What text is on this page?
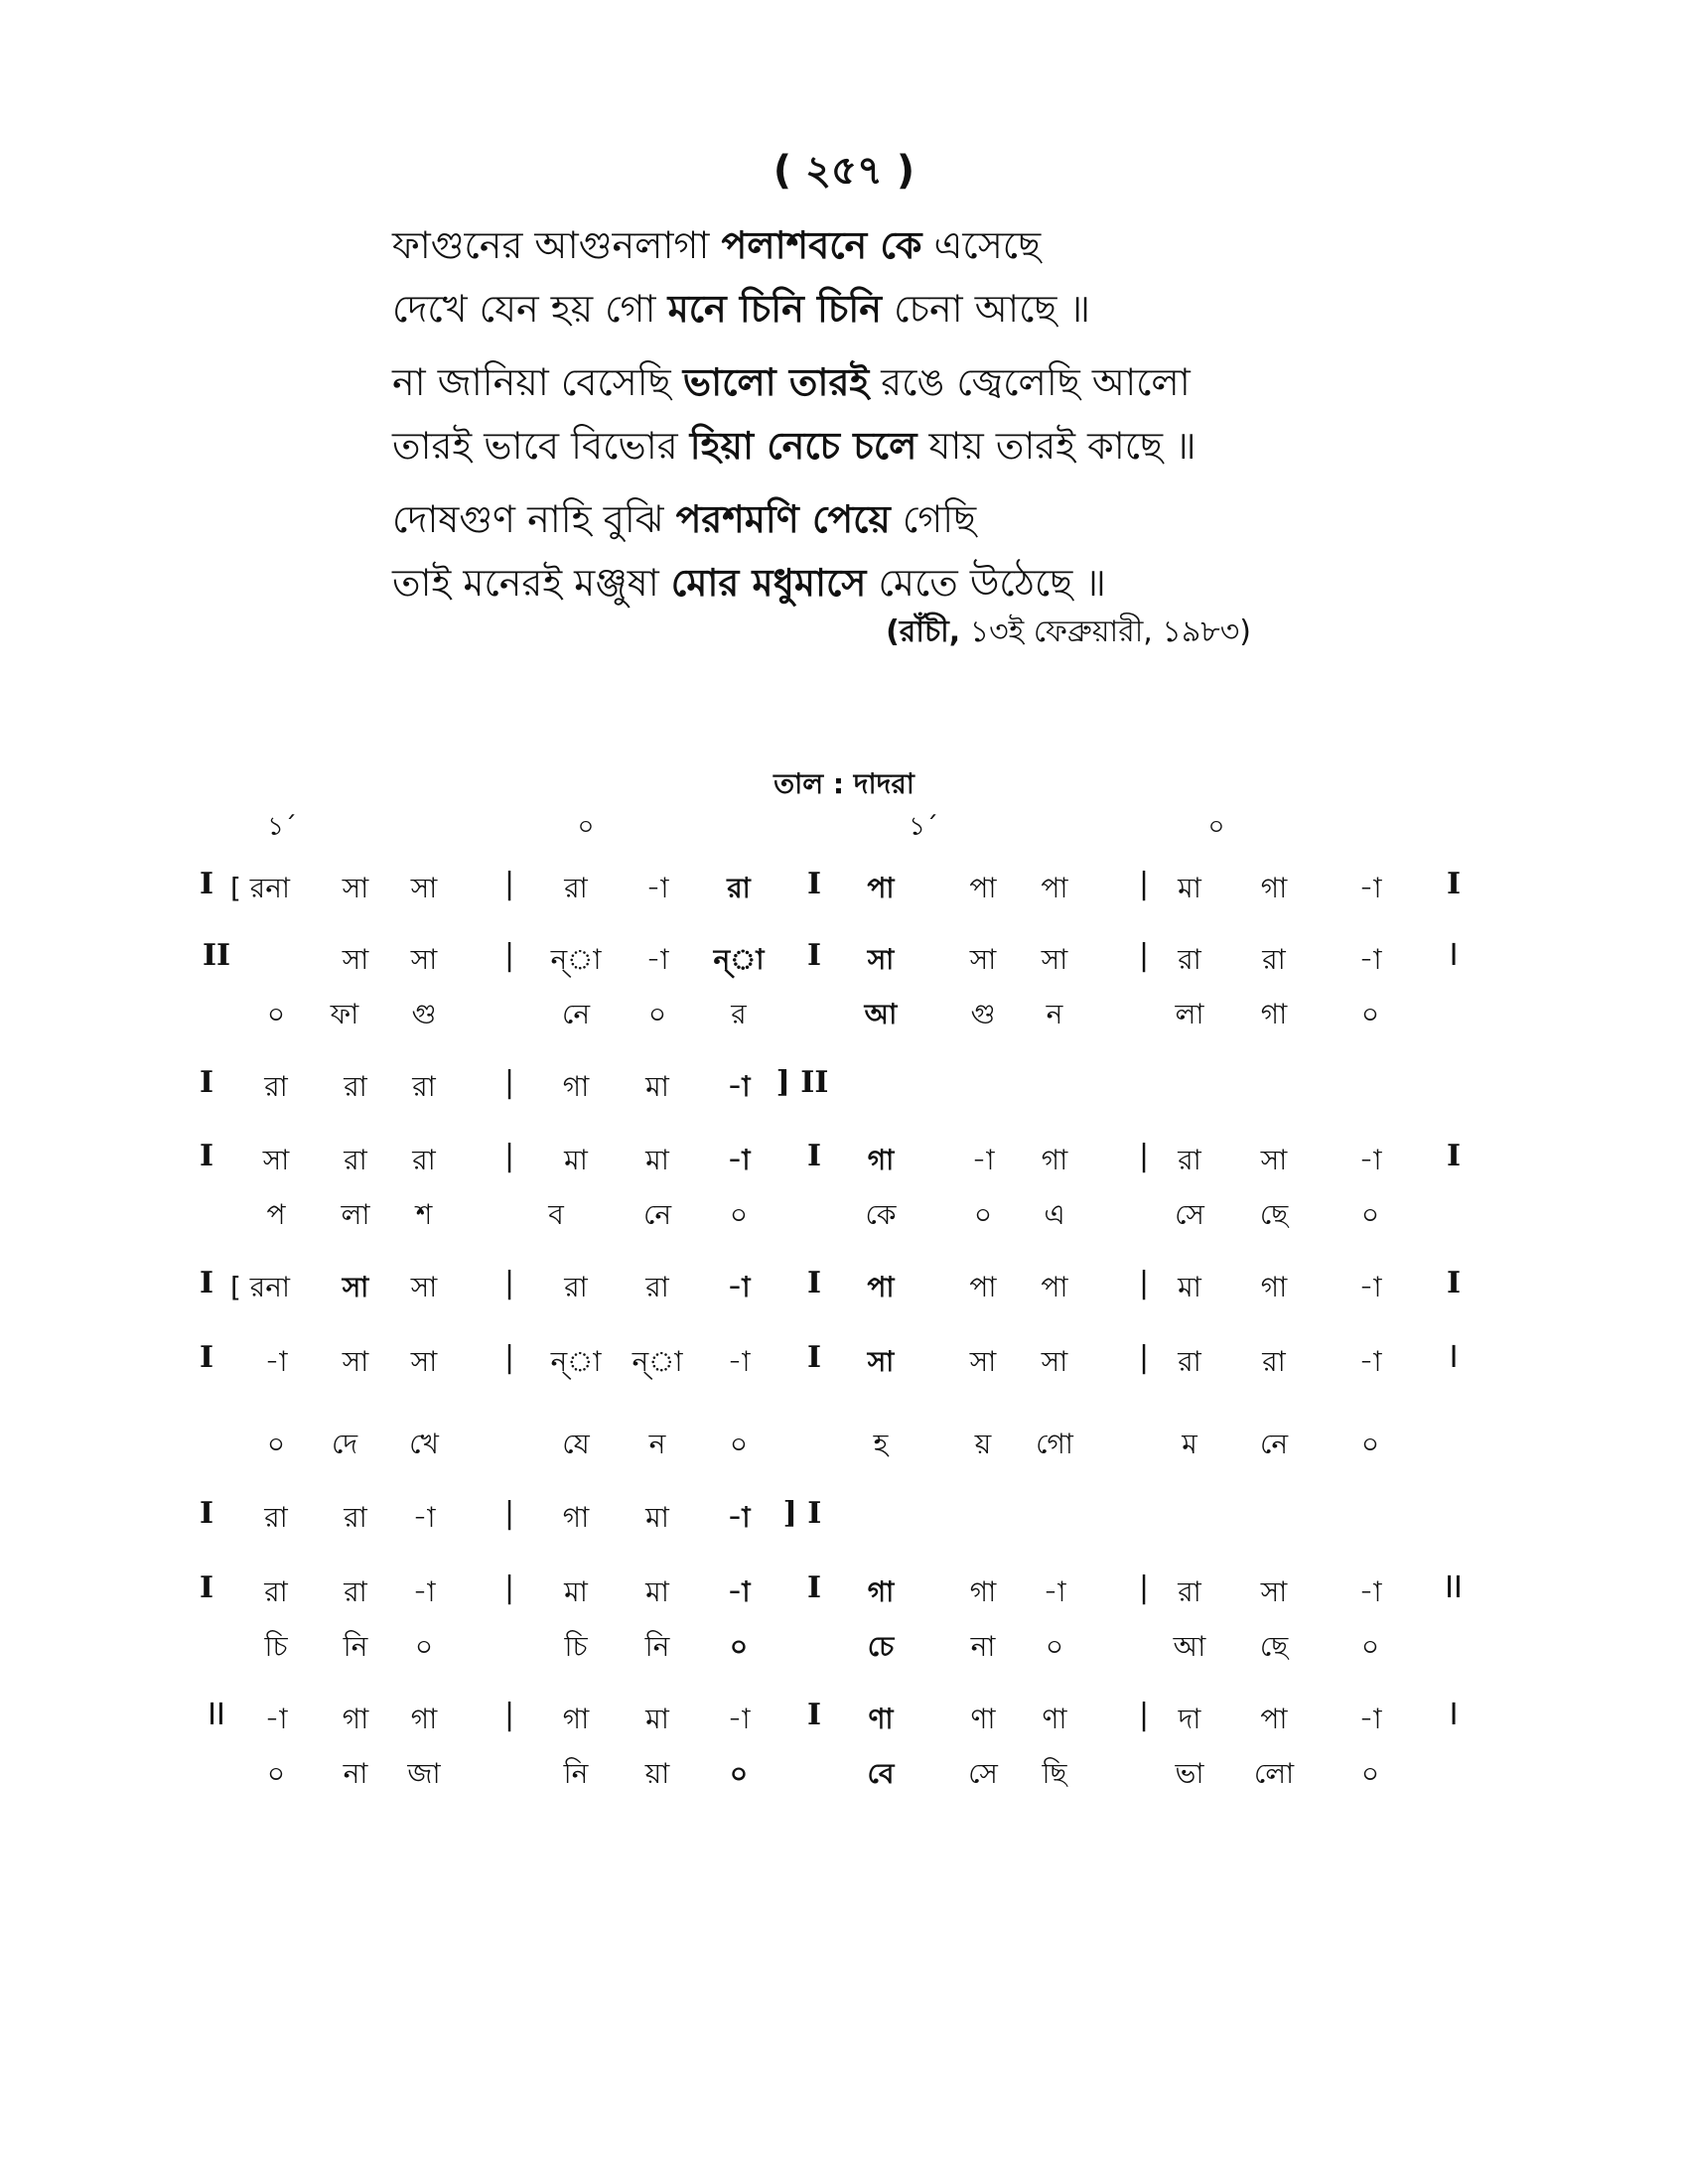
( ২৫৭ )
ফাগুনের আগুনলাগা পলাশবনে কে এসেছে
দেখে যেন হয় গো মনে চিনি চিনি চেনা আছে ॥
না জানিয়া বেসেছি ভালো তারই রঙে জ্বেলেছি আলো
তারই ভাবে বিভোর হিয়া নেচে চলে যায় তারই কাছে ॥
দোষগুণ নাহি বুঝি পরশমণি পেয়ে গেছি
তাই মনেরই মঞ্জুষা মোর মধুমাসে মেতে উঠেছে ॥
(রাঁচী, ১৩ই ফেব্রুয়ারী, ১৯৮৩)
তাল : দাদরা
১´	০	১´	০
I [ রনা সা সা | রা -া রা I পা	পা পা | মা গা	-া I
II	সা সা | ন্‌া -া ন্‌া I সা	সা সা | রা রা	-া I
০ ফা গু	নে ০ র	আ	গু ন	লা গা	০
I রা রা রা | গা মা -া ] II
I সা রা রা | মা মা -া I গা	-া গা | রা সা	-া I
প লা শ	ব	নে ০	কে	০ এ	সে ছে	০
I [ রনা সা সা | রা রা -া I পা	পা পা | মা গা	-া I
I -া সা সা | ন্‌া ন্‌া -া I সা	সা সা | রা রা	-া I
০ দে খে	যে ন ০	হ	য় গো	ম নে	০
I রা রা -া | গা মা -া ] I
I রা রা -া | মা মা -া I গা	গা -া | রা সা	-া II
চি নি ০	চি নি ০	চে	না ০	আ ছে	০
II -া গা গা | গা মা -া I ণা	ণা ণা | দা পা	-া I
০ না জা	নি য়া ০	বে	সে ছি	ভা লো ০
